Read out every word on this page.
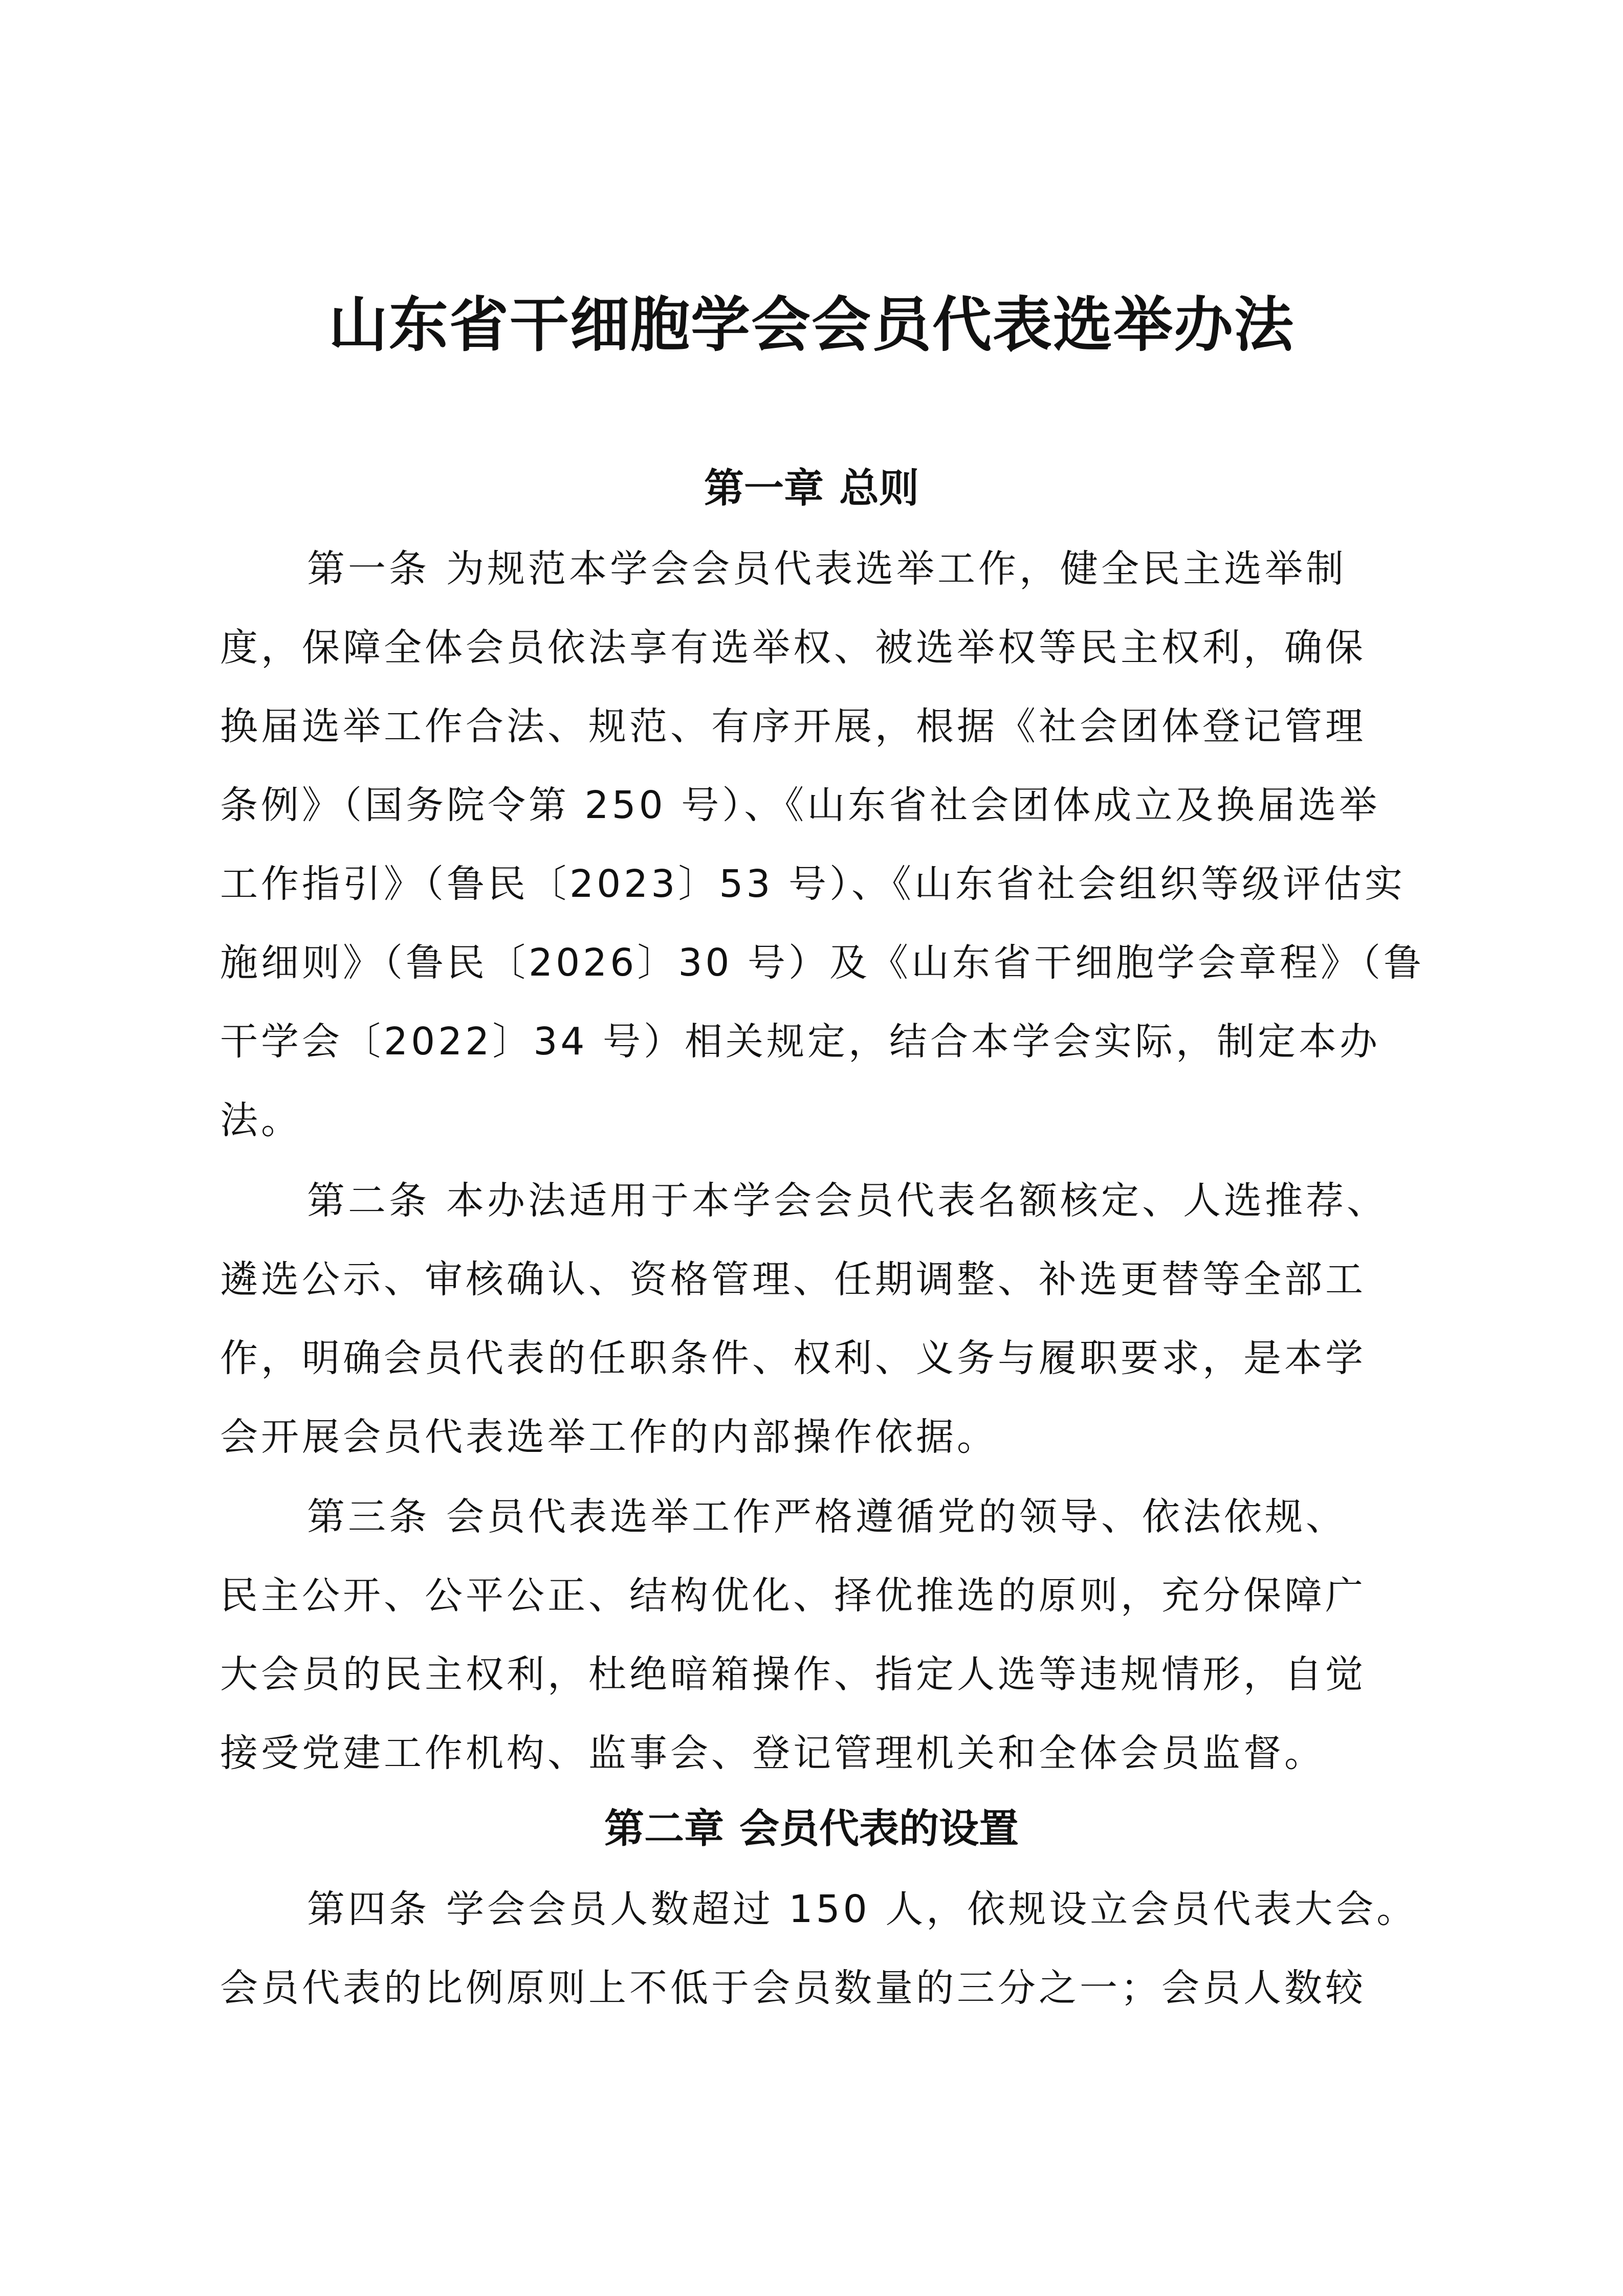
山东省干细胞学会会员代表选举办法
第一章 总则
第一条 为规范本学会会员代表选举工作，健全民主选举制
度，保障全体会员依法享有选举权、被选举权等民主权利，确保
换届选举工作合法、规范、有序开展，根据《社会团体登记管理
条例》（国务院令第 250 号）、《山东省社会团体成立及换届选举
工作指引》（鲁民〔2023〕53 号）、《山东省社会组织等级评估实
施细则》（鲁民〔2026〕30 号）及《山东省干细胞学会章程》（鲁
干学会〔2022〕34 号）相关规定，结合本学会实际，制定本办
法。
第二条 本办法适用于本学会会员代表名额核定、人选推荐、
遴选公示、审核确认、资格管理、任期调整、补选更替等全部工
作，明确会员代表的任职条件、权利、义务与履职要求，是本学
会开展会员代表选举工作的内部操作依据。
第三条 会员代表选举工作严格遵循党的领导、依法依规、
民主公开、公平公正、结构优化、择优推选的原则，充分保障广
大会员的民主权利，杜绝暗箱操作、指定人选等违规情形，自觉
接受党建工作机构、监事会、登记管理机关和全体会员监督。
第二章 会员代表的设置
第四条 学会会员人数超过 150 人，依规设立会员代表大会。
会员代表的比例原则上不低于会员数量的三分之一；会员人数较
